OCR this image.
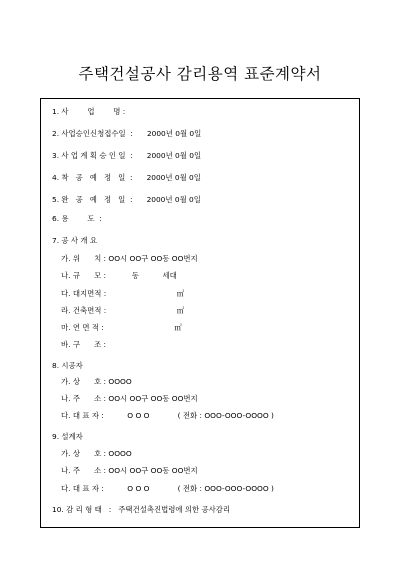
주택건설공사 감리용역 표준계약서
1. 사        업        명 :
2. 사업승인신청접수일  :      2000년 0월 0일
3. 사 업 계 획 승 인 일  :      2000년 0월 0일
4. 착   공   예   정   일  :      2000년 0월 0일
5. 완   공   예   정   일  :      2000년 0월 0일
6. 용        도  :
7. 공 사 개 요
가. 위      치 : OO시 OO구 OO동 OO번지
나. 규      모 :           동          세대
다. 대지면적 :                              ㎡
라. 건축면적 :                              ㎡
마. 연 면 적 :                              ㎡
바. 구      조 :
8. 시공자
가. 상      호 : OOOO
나. 주      소 : OO시 OO구 OO동 OO번지
다. 대 표 자 :          O O O            ( 전화 : OOO-OOO-OOOO )
9. 설계자
가. 상      호 : OOOO
나. 주      소 : OO시 OO구 OO동 OO번지
다. 대 표 자 :          O O O            ( 전화 : OOO-OOO-OOOO )
10. 감 리 형 태   :   주택건설촉진법령에 의한 공사감리
